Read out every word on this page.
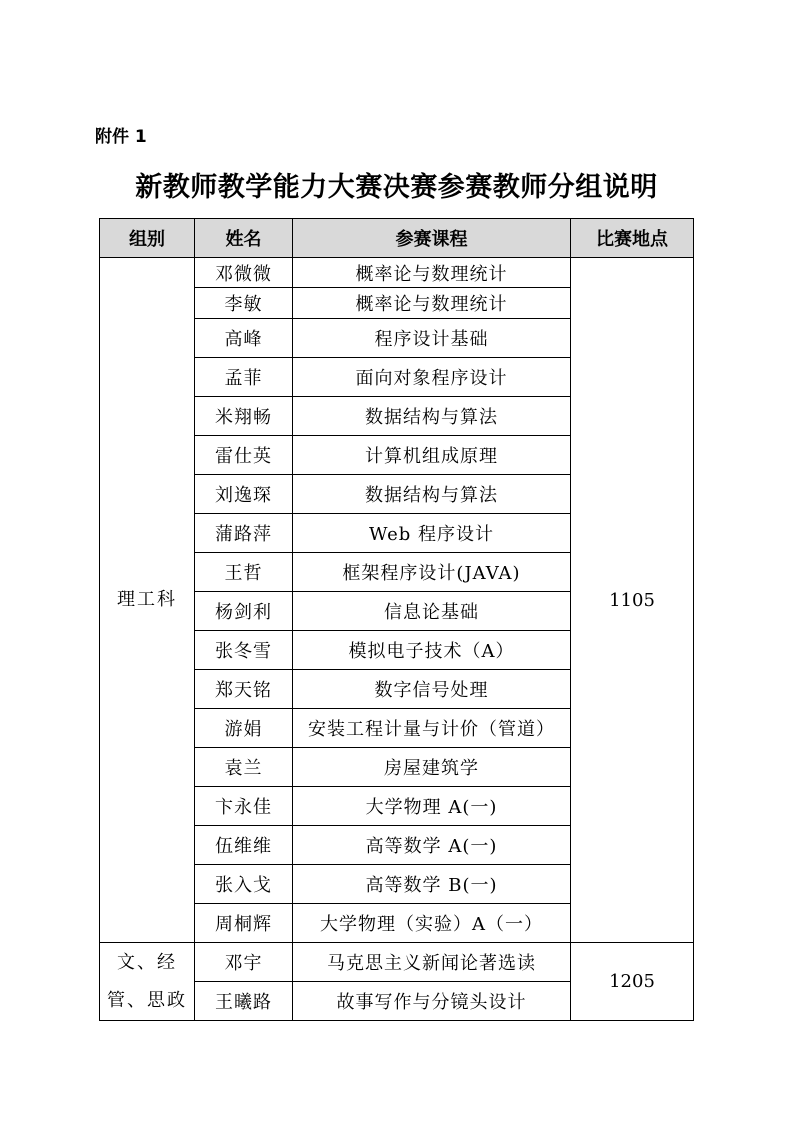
附件 1
新教师教学能力大赛决赛参赛教师分组说明
组别	姓名	参赛课程	比赛地点
理工科	邓微微	概率论与数理统计	1105
	李敏	概率论与数理统计	
	高峰	程序设计基础	
	孟菲	面向对象程序设计	
	米翔畅	数据结构与算法	
	雷仕英	计算机组成原理	
	刘逸琛	数据结构与算法	
	蒲路萍	Web 程序设计	
	王哲	框架程序设计(JAVA)	
	杨剑利	信息论基础	
	张冬雪	模拟电子技术（A）	
	郑天铭	数字信号处理	
	游娟	安装工程计量与计价（管道）	
	袁兰	房屋建筑学	
	卞永佳	大学物理 A(一)	
	伍维维	高等数学 A(一)	
	张入戈	高等数学 B(一)	
	周桐辉	大学物理（实验）A（一）	
文、经管、思政	邓宇	马克思主义新闻论著选读	1205
	王曦路	故事写作与分镜头设计	
